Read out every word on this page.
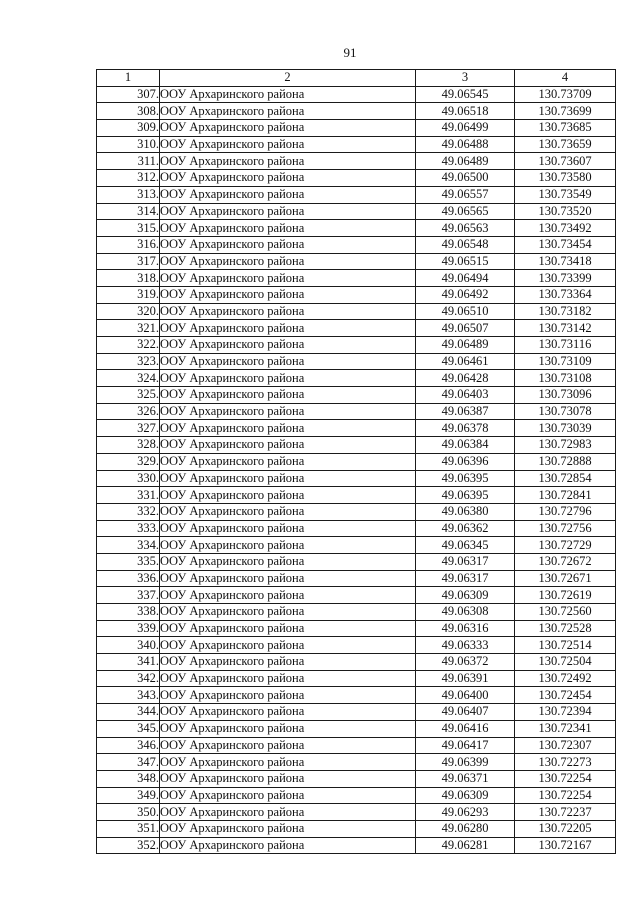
91
1	2	3	4
307.	ООУ Архаринского района	49.06545	130.73709
308.	ООУ Архаринского района	49.06518	130.73699
309.	ООУ Архаринского района	49.06499	130.73685
310.	ООУ Архаринского района	49.06488	130.73659
311.	ООУ Архаринского района	49.06489	130.73607
312.	ООУ Архаринского района	49.06500	130.73580
313.	ООУ Архаринского района	49.06557	130.73549
314.	ООУ Архаринского района	49.06565	130.73520
315.	ООУ Архаринского района	49.06563	130.73492
316.	ООУ Архаринского района	49.06548	130.73454
317.	ООУ Архаринского района	49.06515	130.73418
318.	ООУ Архаринского района	49.06494	130.73399
319.	ООУ Архаринского района	49.06492	130.73364
320.	ООУ Архаринского района	49.06510	130.73182
321.	ООУ Архаринского района	49.06507	130.73142
322.	ООУ Архаринского района	49.06489	130.73116
323.	ООУ Архаринского района	49.06461	130.73109
324.	ООУ Архаринского района	49.06428	130.73108
325.	ООУ Архаринского района	49.06403	130.73096
326.	ООУ Архаринского района	49.06387	130.73078
327.	ООУ Архаринского района	49.06378	130.73039
328.	ООУ Архаринского района	49.06384	130.72983
329.	ООУ Архаринского района	49.06396	130.72888
330.	ООУ Архаринского района	49.06395	130.72854
331.	ООУ Архаринского района	49.06395	130.72841
332.	ООУ Архаринского района	49.06380	130.72796
333.	ООУ Архаринского района	49.06362	130.72756
334.	ООУ Архаринского района	49.06345	130.72729
335.	ООУ Архаринского района	49.06317	130.72672
336.	ООУ Архаринского района	49.06317	130.72671
337.	ООУ Архаринского района	49.06309	130.72619
338.	ООУ Архаринского района	49.06308	130.72560
339.	ООУ Архаринского района	49.06316	130.72528
340.	ООУ Архаринского района	49.06333	130.72514
341.	ООУ Архаринского района	49.06372	130.72504
342.	ООУ Архаринского района	49.06391	130.72492
343.	ООУ Архаринского района	49.06400	130.72454
344.	ООУ Архаринского района	49.06407	130.72394
345.	ООУ Архаринского района	49.06416	130.72341
346.	ООУ Архаринского района	49.06417	130.72307
347.	ООУ Архаринского района	49.06399	130.72273
348.	ООУ Архаринского района	49.06371	130.72254
349.	ООУ Архаринского района	49.06309	130.72254
350.	ООУ Архаринского района	49.06293	130.72237
351.	ООУ Архаринского района	49.06280	130.72205
352.	ООУ Архаринского района	49.06281	130.72167
